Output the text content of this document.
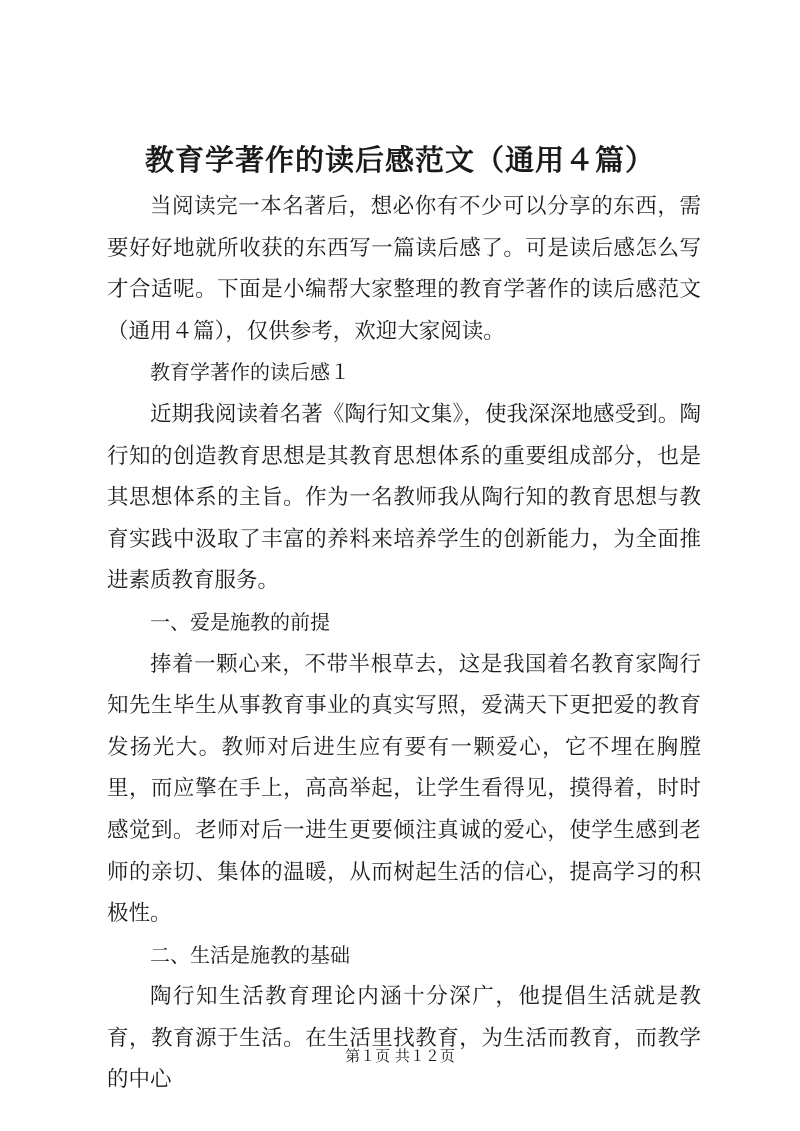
教育学著作的读后感范文（通用４篇）

当阅读完一本名著后，想必你有不少可以分享的东西，需要好好地就所收获的东西写一篇读后感了。可是读后感怎么写才合适呢。下面是小编帮大家整理的教育学著作的读后感范文（通用４篇），仅供参考，欢迎大家阅读。

教育学著作的读后感１

近期我阅读着名著《陶行知文集》，使我深深地感受到。陶行知的创造教育思想是其教育思想体系的重要组成部分，也是其思想体系的主旨。作为一名教师我从陶行知的教育思想与教育实践中汲取了丰富的养料来培养学生的创新能力，为全面推进素质教育服务。

一、爱是施教的前提

捧着一颗心来，不带半根草去，这是我国着名教育家陶行知先生毕生从事教育事业的真实写照，爱满天下更把爱的教育发扬光大。教师对后进生应有要有一颗爱心，它不埋在胸膛里，而应擎在手上，高高举起，让学生看得见，摸得着，时时感觉到。老师对后一进生更要倾注真诚的爱心，使学生感到老师的亲切、集体的温暖，从而树起生活的信心，提高学习的积极性。

二、生活是施教的基础

陶行知生活教育理论内涵十分深广，他提倡生活就是教育，教育源于生活。在生活里找教育，为生活而教育，而教学的中心

第１页 共１２页
